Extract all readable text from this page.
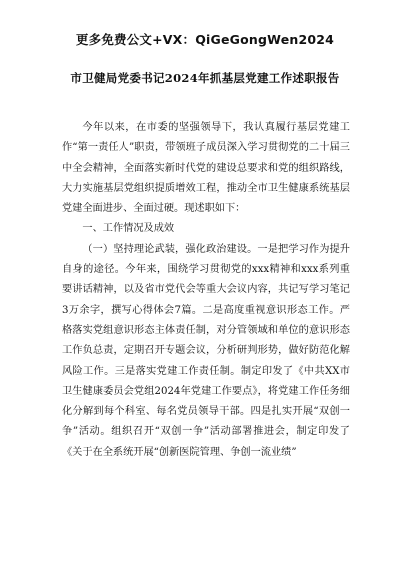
更多免费公文+VX：QiGeGongWen2024
市卫健局党委书记2024年抓基层党建工作述职报告

今年以来，在市委的坚强领导下，我认真履行基层党建工作“第一责任人”职责，带领班子成员深入学习贯彻党的二十届三中全会精神，全面落实新时代党的建设总要求和党的组织路线，大力实施基层党组织提质增效工程，推动全市卫生健康系统基层党建全面进步、全面过硬。现述职如下：

一、工作情况及成效

（一）坚持理论武装，强化政治建设。一是把学习作为提升自身的途径。今年来，围绕学习贯彻党的xxx精神和xxx系列重要讲话精神，以及省市党代会等重大会议内容，共记写学习笔记3万余字，撰写心得体会7篇。二是高度重视意识形态工作。严格落实党组意识形态主体责任制，对分管领域和单位的意识形态工作负总责，定期召开专题会议，分析研判形势，做好防范化解风险工作。三是落实党建工作责任制。制定印发了《中共XX市卫生健康委员会党组2024年党建工作要点》，将党建工作任务细化分解到每个科室、每名党员领导干部。四是扎实开展“双创一争”活动。组织召开“双创一争”活动部署推进会，制定印发了《关于在全系统开展“创新医院管理、争创一流业绩”
